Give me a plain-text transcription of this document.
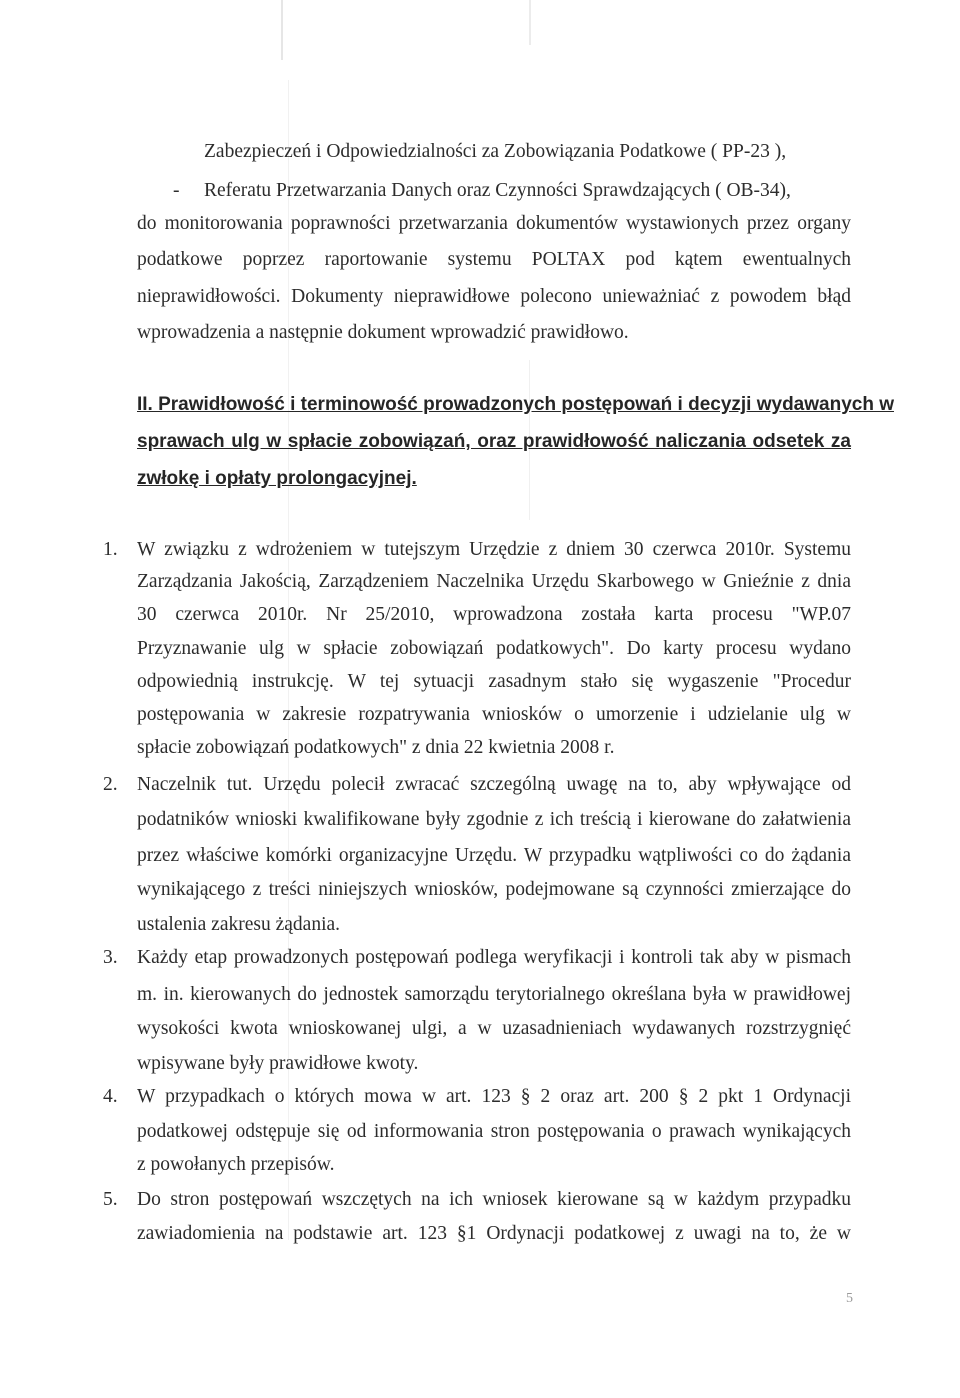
Zabezpieczeń i Odpowiedzialności za Zobowiązania Podatkowe ( PP-23 ),
- Referatu Przetwarzania Danych oraz Czynności Sprawdzających ( OB-34),
do monitorowania poprawności przetwarzania dokumentów wystawionych przez organy
podatkowe poprzez raportowanie systemu POLTAX pod kątem ewentualnych
nieprawidłowości. Dokumenty nieprawidłowe polecono unieważniać z powodem błąd
wprowadzenia a następnie dokument wprowadzić prawidłowo.
II. Prawidłowość i terminowość prowadzonych postępowań i decyzji wydawanych w
sprawach ulg w spłacie zobowiązań, oraz prawidłowość naliczania odsetek za
zwłokę i opłaty prolongacyjnej.
1. W związku z wdrożeniem w tutejszym Urzędzie z dniem 30 czerwca 2010r. Systemu
Zarządzania Jakością, Zarządzeniem Naczelnika Urzędu Skarbowego w Gnieźnie z dnia
30 czerwca 2010r. Nr 25/2010, wprowadzona została karta procesu "WP.07
Przyznawanie ulg w spłacie zobowiązań podatkowych". Do karty procesu wydano
odpowiednią instrukcję. W tej sytuacji zasadnym stało się wygaszenie "Procedur
postępowania w zakresie rozpatrywania wniosków o umorzenie i udzielanie ulg w
spłacie zobowiązań podatkowych" z dnia 22 kwietnia 2008 r.
2. Naczelnik tut. Urzędu polecił zwracać szczególną uwagę na to, aby wpływające od
podatników wnioski kwalifikowane były zgodnie z ich treścią i kierowane do załatwienia
przez właściwe komórki organizacyjne Urzędu. W przypadku wątpliwości co do żądania
wynikającego z treści niniejszych wniosków, podejmowane są czynności zmierzające do
ustalenia zakresu żądania.
3. Każdy etap prowadzonych postępowań podlega weryfikacji i kontroli tak aby w pismach
m. in. kierowanych do jednostek samorządu terytorialnego określana była w prawidłowej
wysokości kwota wnioskowanej ulgi, a w uzasadnieniach wydawanych rozstrzygnięć
wpisywane były prawidłowe kwoty.
4. W przypadkach o których mowa w art. 123 § 2 oraz art. 200 § 2 pkt 1 Ordynacji
podatkowej odstępuje się od informowania stron postępowania o prawach wynikających
z powołanych przepisów.
5. Do stron postępowań wszczętych na ich wniosek kierowane są w każdym przypadku
zawiadomienia na podstawie art. 123 §1 Ordynacji podatkowej z uwagi na to, że w
5
